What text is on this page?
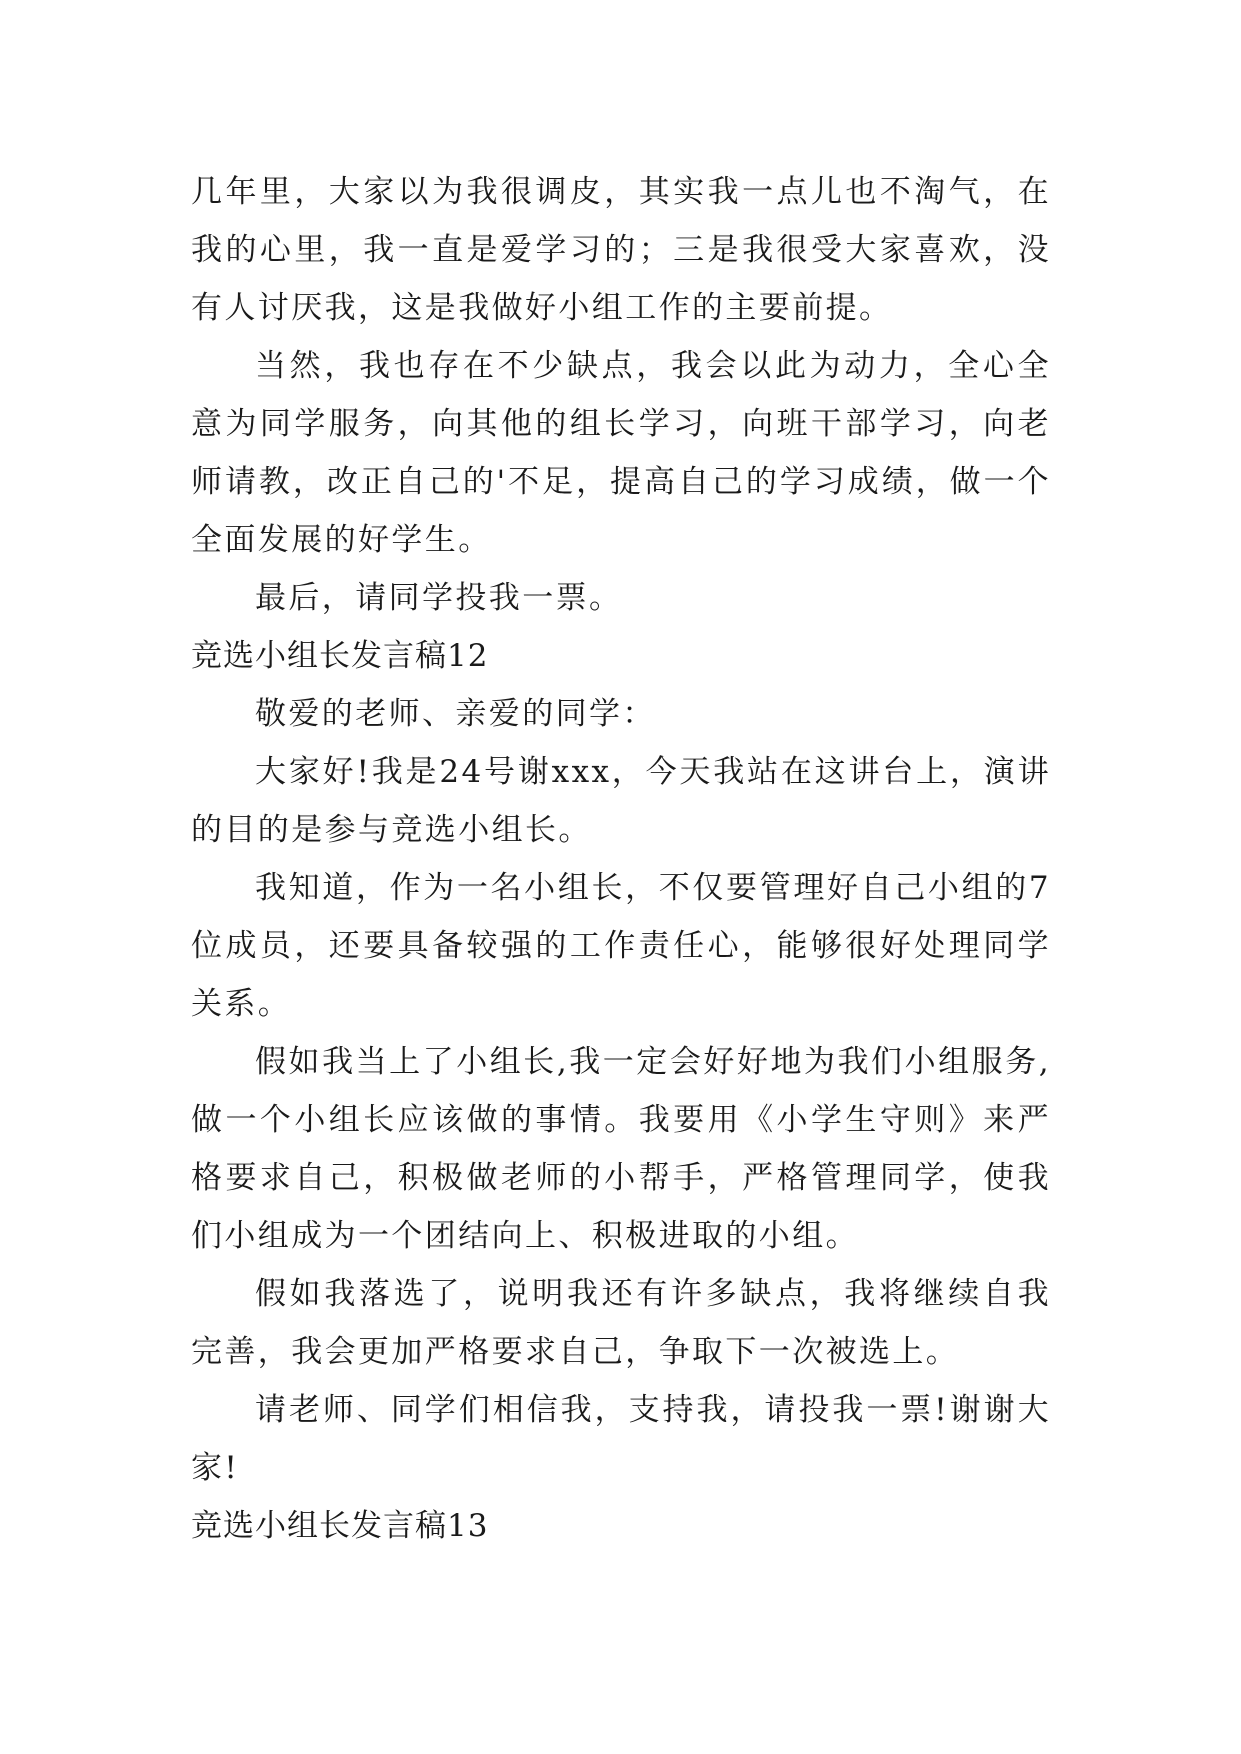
几年里，大家以为我很调皮，其实我一点儿也不淘气，在我的心里，我一直是爱学习的；三是我很受大家喜欢，没有人讨厌我，这是我做好小组工作的主要前提。

当然，我也存在不少缺点，我会以此为动力，全心全意为同学服务，向其他的组长学习，向班干部学习，向老师请教，改正自己的'不足，提高自己的学习成绩，做一个全面发展的好学生。

最后，请同学投我一票。

竞选小组长发言稿12

敬爱的老师、亲爱的同学：

大家好!我是24号谢xxx，今天我站在这讲台上，演讲的目的是参与竞选小组长。

我知道，作为一名小组长，不仅要管理好自己小组的7位成员，还要具备较强的工作责任心，能够很好处理同学关系。

假如我当上了小组长,我一定会好好地为我们小组服务,做一个小组长应该做的事情。我要用《小学生守则》来严格要求自己，积极做老师的小帮手，严格管理同学，使我们小组成为一个团结向上、积极进取的小组。

假如我落选了，说明我还有许多缺点，我将继续自我完善，我会更加严格要求自己，争取下一次被选上。

请老师、同学们相信我，支持我，请投我一票!谢谢大家!

竞选小组长发言稿13
